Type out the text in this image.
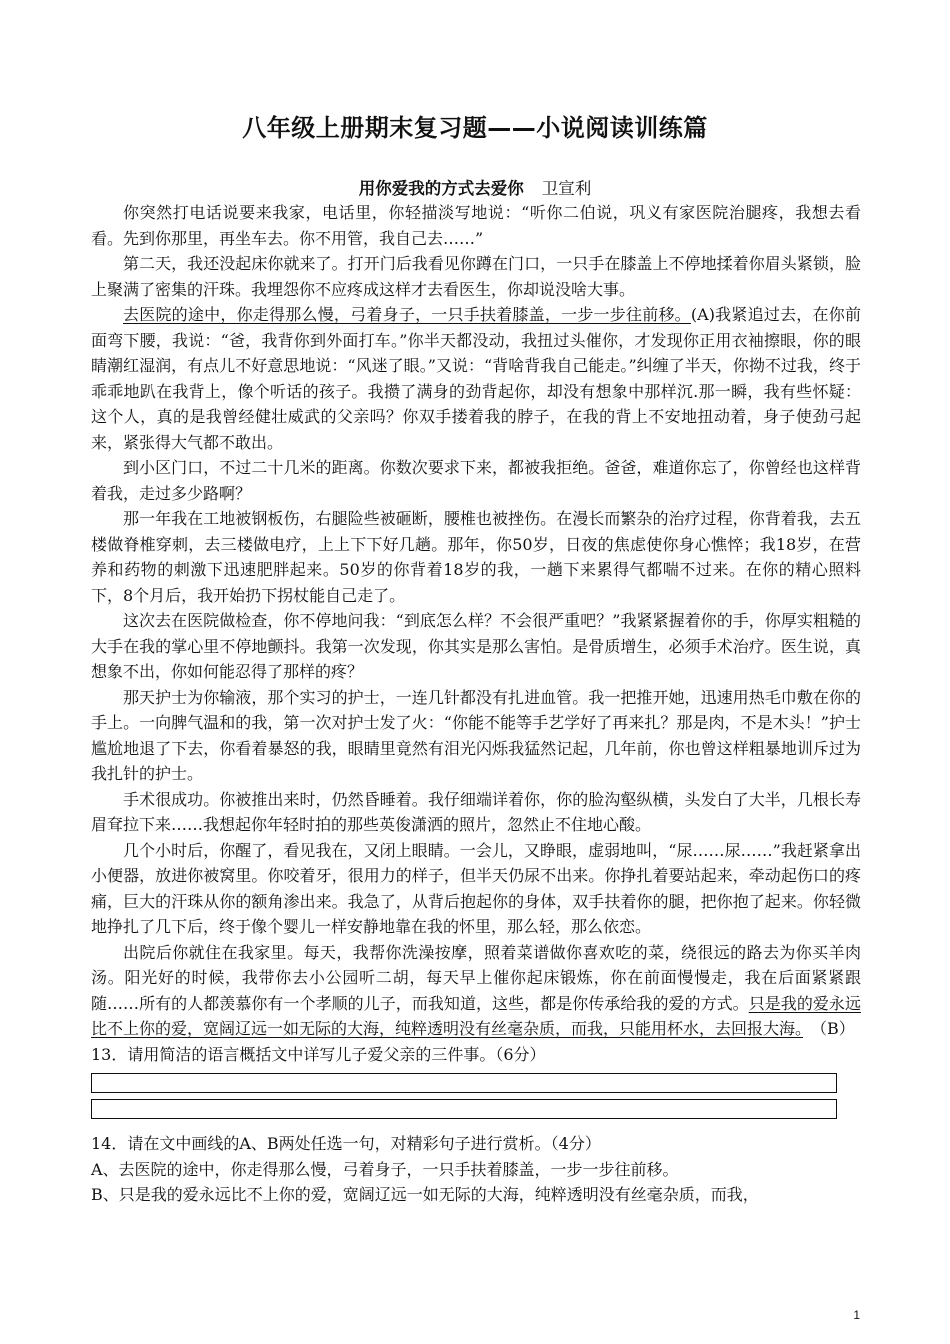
八年级上册期末复习题——小说阅读训练篇
用你爱我的方式去爱你 卫宣利

你突然打电话说要来我家，电话里，你轻描淡写地说：“听你二伯说，巩义有家医院治腿疼，我想去看看。先到你那里，再坐车去。你不用管，我自己去……”

第二天，我还没起床你就来了。打开门后我看见你蹲在门口，一只手在膝盖上不停地揉着你眉头紧锁，脸上聚满了密集的汗珠。我埋怨你不应疼成这样才去看医生，你却说没啥大事。

去医院的途中，你走得那么慢，弓着身子，一只手扶着膝盖，一步一步往前移。(A)我紧追过去，在你前面弯下腰，我说：“爸，我背你到外面打车。”你半天都没动，我扭过头催你，才发现你正用衣袖擦眼，你的眼睛潮红湿润，有点儿不好意思地说：“风迷了眼。”又说：“背啥背我自己能走。”纠缠了半天，你拗不过我，终于乖乖地趴在我背上，像个听话的孩子。我攒了满身的劲背起你，却没有想象中那样沉.那一瞬，我有些怀疑：这个人，真的是我曾经健壮威武的父亲吗？你双手搂着我的脖子，在我的背上不安地扭动着，身子使劲弓起来，紧张得大气都不敢出。

到小区门口，不过二十几米的距离。你数次要求下来，都被我拒绝。爸爸，难道你忘了，你曾经也这样背着我，走过多少路啊？

那一年我在工地被钢板伤，右腿险些被砸断，腰椎也被挫伤。在漫长而繁杂的治疗过程，你背着我，去五楼做脊椎穿刺，去三楼做电疗，上上下下好几趟。那年，你50岁，日夜的焦虑使你身心憔悴；我18岁，在营养和药物的刺激下迅速肥胖起来。50岁的你背着18岁的我，一趟下来累得气都喘不过来。在你的精心照料下，8个月后，我开始扔下拐杖能自己走了。

这次去在医院做检查，你不停地问我：“到底怎么样？不会很严重吧？”我紧紧握着你的手，你厚实粗糙的大手在我的掌心里不停地颤抖。我第一次发现，你其实是那么害怕。是骨质增生，必须手术治疗。医生说，真想象不出，你如何能忍得了那样的疼？

那天护士为你输液，那个实习的护士，一连几针都没有扎进血管。我一把推开她，迅速用热毛巾敷在你的手上。一向脾气温和的我，第一次对护士发了火：“你能不能等手艺学好了再来扎？那是肉，不是木头！”护士尴尬地退了下去，你看着暴怒的我，眼睛里竟然有泪光闪烁我猛然记起，几年前，你也曾这样粗暴地训斥过为我扎针的护士。

手术很成功。你被推出来时，仍然昏睡着。我仔细端详着你，你的脸沟壑纵横，头发白了大半，几根长寿眉耷拉下来……我想起你年轻时拍的那些英俊潇洒的照片，忽然止不住地心酸。

几个小时后，你醒了，看见我在，又闭上眼睛。一会儿，又睁眼，虚弱地叫，“尿……尿……”我赶紧拿出小便器，放进你被窝里。你咬着牙，很用力的样子，但半天仍尿不出来。你挣扎着要站起来，牵动起伤口的疼痛，巨大的汗珠从你的额角渗出来。我急了，从背后抱起你的身体，双手扶着你的腿，把你抱了起来。你轻微地挣扎了几下后，终于像个婴儿一样安静地靠在我的怀里，那么轻，那么依恋。

出院后你就住在我家里。每天，我帮你洗澡按摩，照着菜谱做你喜欢吃的菜，绕很远的路去为你买羊肉汤。阳光好的时候，我带你去小公园听二胡，每天早上催你起床锻炼，你在前面慢慢走，我在后面紧紧跟随……所有的人都羡慕你有一个孝顺的儿子，而我知道，这些，都是你传承给我的爱的方式。只是我的爱永远比不上你的爱，宽阔辽远一如无际的大海，纯粹透明没有丝毫杂质，而我，只能用杯水，去回报大海。　（B）

13．请用简洁的语言概括文中详写儿子爱父亲的三件事。（6分）

14．请在文中画线的A、B两处任选一句，对精彩句子进行赏析。（4分）

A、去医院的途中，你走得那么慢，弓着身子，一只手扶着膝盖，一步一步往前移。

B、只是我的爱永远比不上你的爱，宽阔辽远一如无际的大海，纯粹透明没有丝毫杂质，而我，

1
